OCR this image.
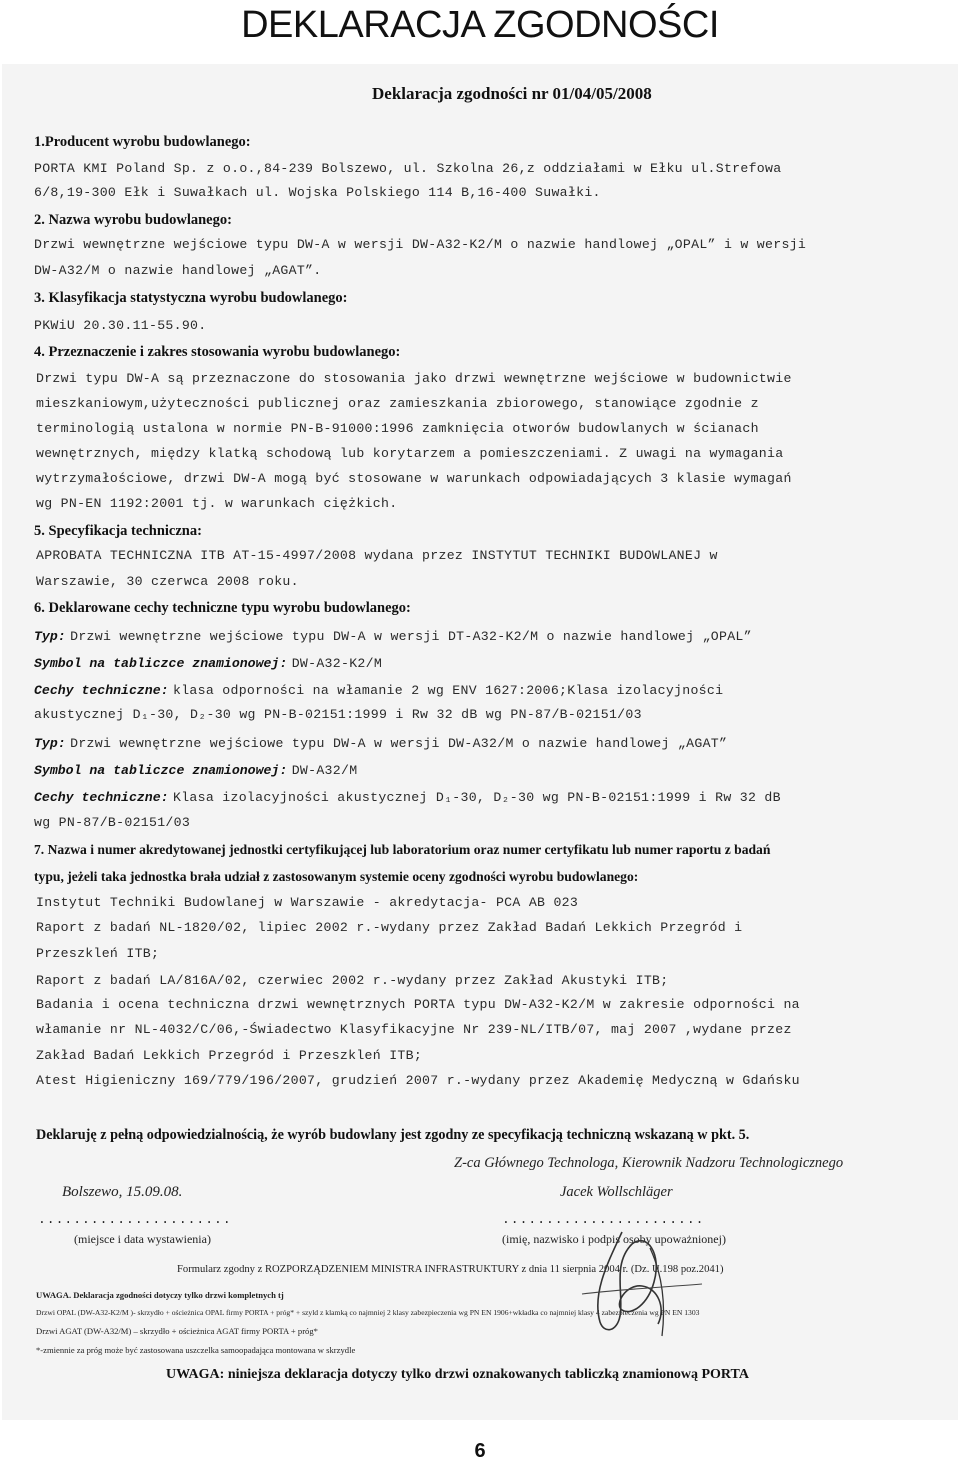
DEKLARACJA ZGODNOŚCI
Deklaracja zgodności nr 01/04/05/2008
1.Producent wyrobu budowlanego:
PORTA KMI Poland Sp. z o.o.,84-239 Bolszewo, ul. Szkolna 26,z oddziałami w Ełku ul.Strefowa
6/8,19-300 Ełk i Suwałkach ul. Wojska Polskiego 114 B,16-400 Suwałki.
2. Nazwa wyrobu budowlanego:
Drzwi wewnętrzne wejściowe typu DW-A w wersji DW-A32-K2/M o nazwie handlowej „OPAL” i w wersji
DW-A32/M o nazwie handlowej „AGAT”.
3. Klasyfikacja statystyczna wyrobu budowlanego:
PKWiU 20.30.11-55.90.
4. Przeznaczenie i zakres stosowania wyrobu budowlanego:
Drzwi typu DW-A są przeznaczone do stosowania jako drzwi wewnętrzne wejściowe w budownictwie
mieszkaniowym,użyteczności publicznej oraz zamieszkania zbiorowego, stanowiące zgodnie z
terminologią ustalona w normie PN-B-91000:1996 zamknięcia otworów budowlanych w ścianach
wewnętrznych, między klatką schodową lub korytarzem a pomieszczeniami. Z uwagi na wymagania
wytrzymałościowe, drzwi DW-A mogą być stosowane w warunkach odpowiadających 3 klasie wymagań
wg PN-EN 1192:2001 tj. w warunkach ciężkich.
5. Specyfikacja techniczna:
APROBATA TECHNICZNA ITB AT-15-4997/2008 wydana przez INSTYTUT TECHNIKI BUDOWLANEJ w
Warszawie, 30 czerwca 2008 roku.
6. Deklarowane cechy techniczne typu wyrobu budowlanego:
Typ: Drzwi wewnętrzne wejściowe typu DW-A w wersji DT-A32-K2/M o nazwie handlowej „OPAL”
Symbol na tabliczce znamionowej: DW-A32-K2/M
Cechy techniczne: klasa odporności na włamanie 2 wg ENV 1627:2006;Klasa izolacyjności
akustycznej D₁-30, D₂-30 wg PN-B-02151:1999 i Rw 32 dB wg PN-87/B-02151/03
Typ: Drzwi wewnętrzne wejściowe typu DW-A w wersji DW-A32/M o nazwie handlowej „AGAT”
Symbol na tabliczce znamionowej: DW-A32/M
Cechy techniczne: Klasa izolacyjności akustycznej D₁-30, D₂-30 wg PN-B-02151:1999 i Rw 32 dB
wg PN-87/B-02151/03
7. Nazwa i numer akredytowanej jednostki certyfikującej lub laboratorium oraz numer certyfikatu lub numer raportu z badań
typu, jeżeli taka jednostka brała udział z zastosowanym systemie oceny zgodności wyrobu budowlanego:
Instytut Techniki Budowlanej w Warszawie - akredytacja- PCA AB 023
Raport z badań NL-1820/02, lipiec 2002 r.-wydany przez Zakład Badań Lekkich Przegród i
Przeszkleń ITB;
Raport z badań LA/816A/02, czerwiec 2002 r.-wydany przez Zakład Akustyki ITB;
Badania i ocena techniczna drzwi wewnętrznych PORTA typu DW-A32-K2/M w zakresie odporności na
włamanie nr NL-4032/C/06,-Świadectwo Klasyfikacyjne Nr 239-NL/ITB/07, maj 2007 ,wydane przez
Zakład Badań Lekkich Przegród i Przeszkleń ITB;
Atest Higieniczny 169/779/196/2007, grudzień 2007 r.-wydany przez Akademię Medyczną w Gdańsku
Deklaruję z pełną odpowiedzialnością, że wyrób budowlany jest zgodny ze specyfikacją techniczną wskazaną w pkt. 5.
Z-ca Głównego Technologa, Kierownik Nadzoru Technologicznego
Bolszewo, 15.09.08.	Jacek Wollschläger
......................	.......................
(miejsce i data wystawienia)	(imię, nazwisko i podpis osoby upoważnionej)
Formularz zgodny z ROZPORZĄDZENIEM MINISTRA INFRASTRUKTURY z dnia 11 sierpnia 2004 r. (Dz. U.198 poz.2041)
UWAGA. Deklaracja zgodności dotyczy tylko drzwi kompletnych tj
Drzwi OPAL (DW-A32-K2/M )- skrzydło + ościeżnica OPAL firmy PORTA + próg* + szyld z klamką co najmniej 2 klasy zabezpieczenia wg PN EN 1906+wkładka co najmniej klasy 4 zabezpieczenia wg PN EN 1303
Drzwi AGAT (DW-A32/M) – skrzydło + ościeżnica AGAT firmy PORTA + próg*
*-zmiennie za próg może być zastosowana uszczelka samoopadająca montowana w skrzydle
UWAGA: niniejsza deklaracja dotyczy tylko drzwi oznakowanych tabliczką znamionową PORTA
6
